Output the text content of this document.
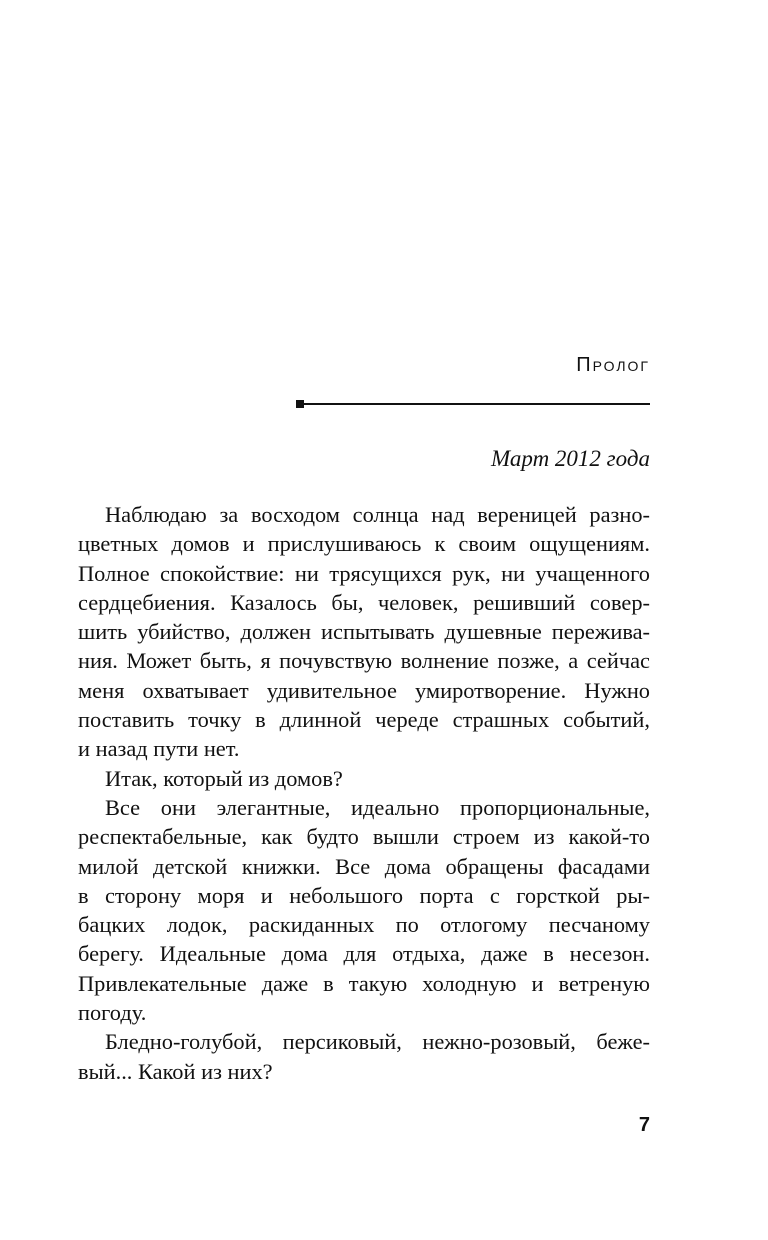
Пролог
Март 2012 года
Наблюдаю за восходом солнца над вереницей разно-
цветных домов и прислушиваюсь к своим ощущениям.
Полное спокойствие: ни трясущихся рук, ни учащенного
сердцебиения. Казалось бы, человек, решивший совер-
шить убийство, должен испытывать душевные пережива-
ния. Может быть, я почувствую волнение позже, а сейчас
меня охватывает удивительное умиротворение. Нужно
поставить точку в длинной череде страшных событий,
и назад пути нет.
Итак, который из домов?
Все они элегантные, идеально пропорциональные,
респектабельные, как будто вышли строем из какой-то
милой детской книжки. Все дома обращены фасадами
в сторону моря и небольшого порта с горсткой ры-
бацких лодок, раскиданных по отлогому песчаному
берегу. Идеальные дома для отдыха, даже в несезон.
Привлекательные даже в такую холодную и ветреную
погоду.
Бледно-голубой, персиковый, нежно-розовый, беже-
вый... Какой из них?
7
